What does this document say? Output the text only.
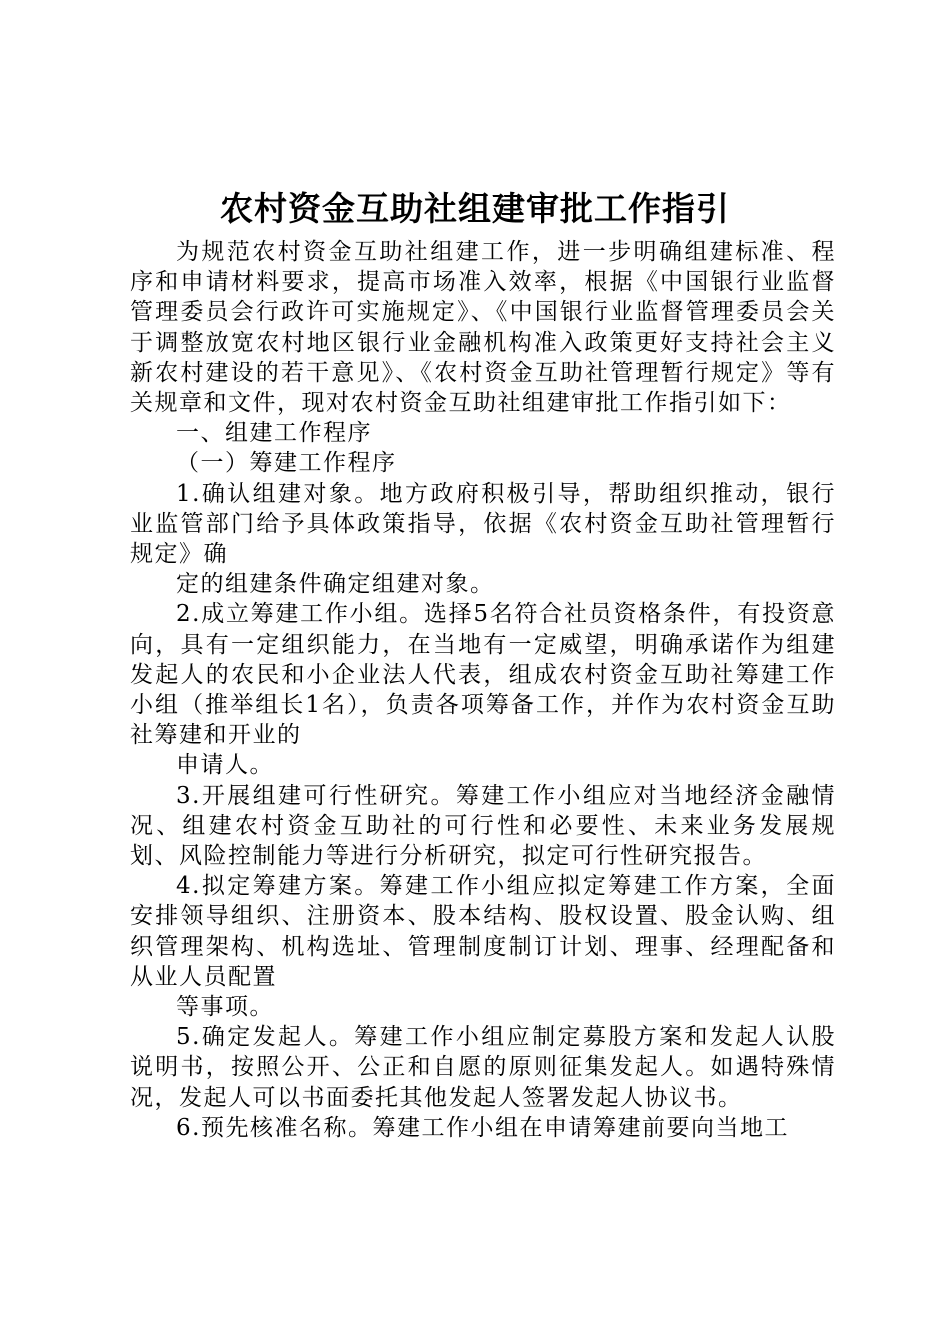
农村资金互助社组建审批工作指引

为规范农村资金互助社组建工作，进一步明确组建标准、程序和申请材料要求，提高市场准入效率，根据《中国银行业监督管理委员会行政许可实施规定》、《中国银行业监督管理委员会关于调整放宽农村地区银行业金融机构准入政策更好支持社会主义新农村建设的若干意见》、《农村资金互助社管理暂行规定》等有关规章和文件，现对农村资金互助社组建审批工作指引如下：

一、组建工作程序

（一）筹建工作程序

1.确认组建对象。地方政府积极引导，帮助组织推动，银行业监管部门给予具体政策指导，依据《农村资金互助社管理暂行规定》确

定的组建条件确定组建对象。

2.成立筹建工作小组。选择5名符合社员资格条件，有投资意向，具有一定组织能力，在当地有一定威望，明确承诺作为组建发起人的农民和小企业法人代表，组成农村资金互助社筹建工作小组（推举组长1名），负责各项筹备工作，并作为农村资金互助社筹建和开业的

申请人。

3.开展组建可行性研究。筹建工作小组应对当地经济金融情况、组建农村资金互助社的可行性和必要性、未来业务发展规划、风险控制能力等进行分析研究，拟定可行性研究报告。

4.拟定筹建方案。筹建工作小组应拟定筹建工作方案，全面安排领导组织、注册资本、股本结构、股权设置、股金认购、组织管理架构、机构选址、管理制度制订计划、理事、经理配备和从业人员配置

等事项。

5.确定发起人。筹建工作小组应制定募股方案和发起人认股说明书，按照公开、公正和自愿的原则征集发起人。如遇特殊情况，发起人可以书面委托其他发起人签署发起人协议书。

6.预先核准名称。筹建工作小组在申请筹建前要向当地工
